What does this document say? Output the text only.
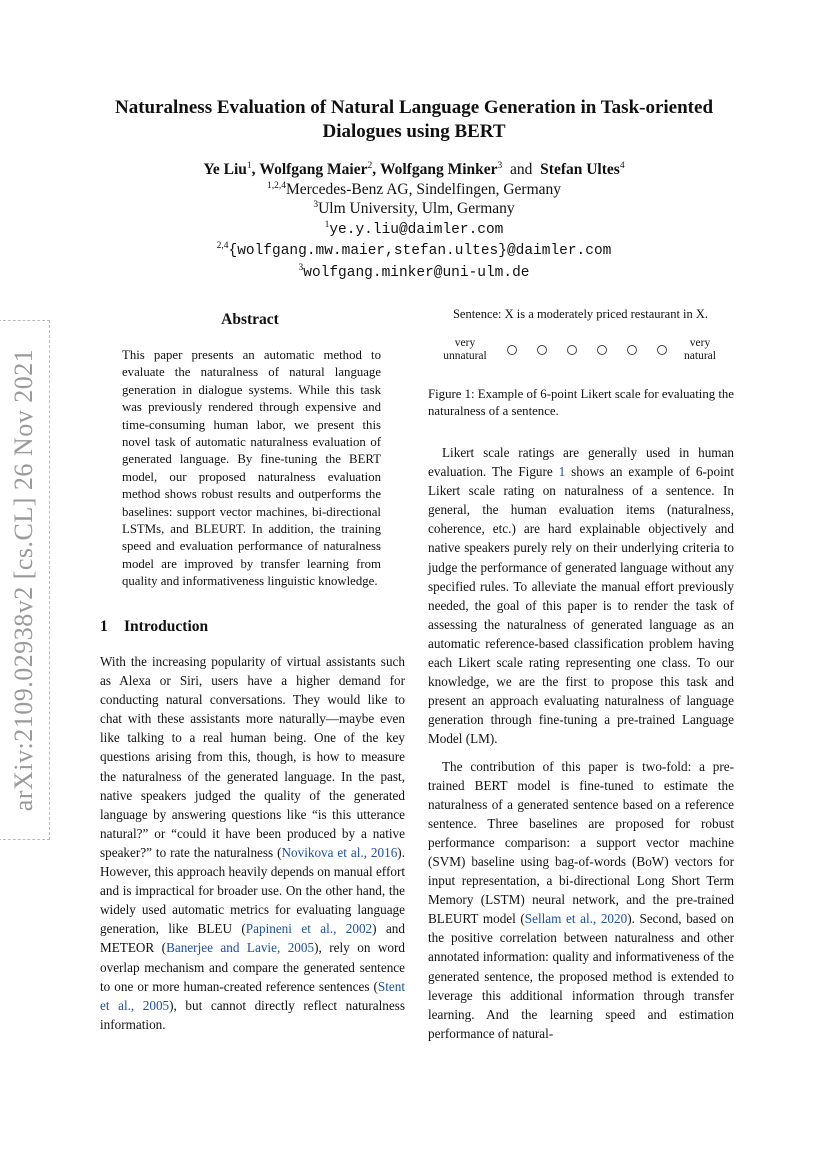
arXiv:2109.02938v2 [cs.CL] 26 Nov 2021
Naturalness Evaluation of Natural Language Generation in Task-oriented Dialogues using BERT
Ye Liu$^1$, Wolfgang Maier$^2$, Wolfgang Minker$^3$ and Stefan Ultes$^4$
$^{1,2,4}$Mercedes-Benz AG, Sindelfingen, Germany
$^3$Ulm University, Ulm, Germany
$^1$ye.y.liu@daimler.com
$^{2,4}${wolfgang.mw.maier,stefan.ultes}@daimler.com
$^3$wolfgang.minker@uni-ulm.de
Abstract
This paper presents an automatic method to evaluate the naturalness of natural language generation in dialogue systems. While this task was previously rendered through expensive and time-consuming human labor, we present this novel task of automatic naturalness evaluation of generated language. By fine-tuning the BERT model, our proposed naturalness evaluation method shows robust results and outperforms the baselines: support vector machines, bi-directional LSTMs, and BLEURT. In addition, the training speed and evaluation performance of naturalness model are improved by transfer learning from quality and informativeness linguistic knowledge.
1 Introduction
With the increasing popularity of virtual assistants such as Alexa or Siri, users have a higher demand for conducting natural conversations. They would like to chat with these assistants more naturally—maybe even like talking to a real human being. One of the key questions arising from this, though, is how to measure the naturalness of the generated language. In the past, native speakers judged the quality of the generated language by answering questions like “is this utterance natural?” or “could it have been produced by a native speaker?” to rate the naturalness (Novikova et al., 2016). However, this approach heavily depends on manual effort and is impractical for broader use. On the other hand, the widely used automatic metrics for evaluating language generation, like BLEU (Papineni et al., 2002) and METEOR (Banerjee and Lavie, 2005), rely on word overlap mechanism and compare the generated sentence to one or more human-created reference sentences (Stent et al., 2005), but cannot directly reflect naturalness information.
Sentence: X is a moderately priced restaurant in X.
very
unnatural
very
natural
Figure 1: Example of 6-point Likert scale for evaluating the naturalness of a sentence.

Likert scale ratings are generally used in human evaluation. The Figure 1 shows an example of 6-point Likert scale rating on naturalness of a sentence. In general, the human evaluation items (naturalness, coherence, etc.) are hard explainable objectively and native speakers purely rely on their underlying criteria to judge the performance of generated language without any specified rules. To alleviate the manual effort previously needed, the goal of this paper is to render the task of assessing the naturalness of generated language as an automatic reference-based classification problem having each Likert scale rating representing one class. To our knowledge, we are the first to propose this task and present an approach evaluating naturalness of language generation through fine-tuning a pre-trained Language Model (LM).

The contribution of this paper is two-fold: a pre-trained BERT model is fine-tuned to estimate the naturalness of a generated sentence based on a reference sentence. Three baselines are proposed for robust performance comparison: a support vector machine (SVM) baseline using bag-of-words (BoW) vectors for input representation, a bi-directional Long Short Term Memory (LSTM) neural network, and the pre-trained BLEURT model (Sellam et al., 2020). Second, based on the positive correlation between naturalness and other annotated information: quality and informativeness of the generated sentence, the proposed method is extended to leverage this additional information through transfer learning. And the learning speed and estimation performance of natural-
